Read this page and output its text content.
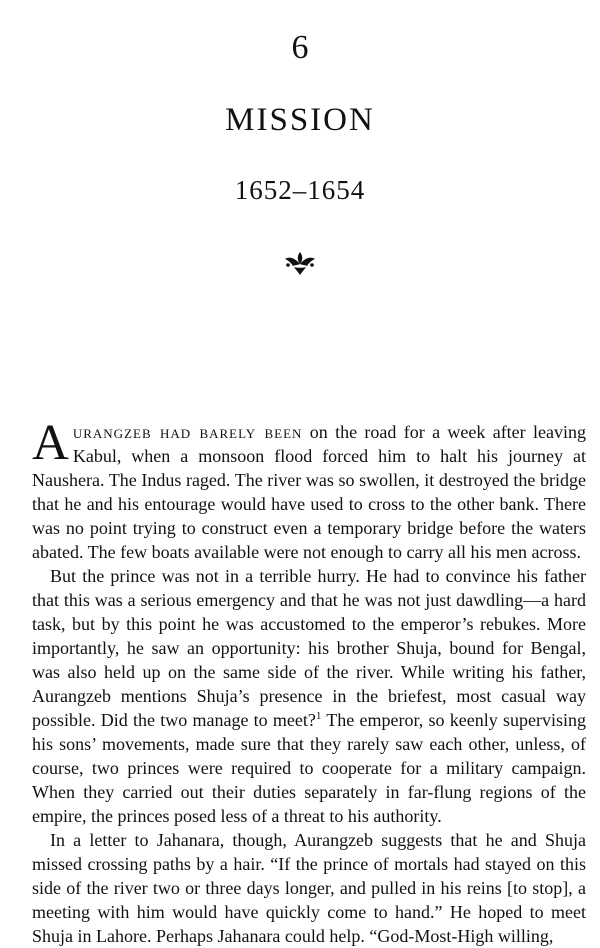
6
MISSION
1652–1654

Aurangzeb had barely been on the road for a week after leaving Kabul, when a monsoon flood forced him to halt his journey at Naushera. The Indus raged. The river was so swollen, it destroyed the bridge that he and his entourage would have used to cross to the other bank. There was no point trying to construct even a temporary bridge before the waters abated. The few boats available were not enough to carry all his men across.

But the prince was not in a terrible hurry. He had to convince his father that this was a serious emergency and that he was not just dawdling—a hard task, but by this point he was accustomed to the emperor’s rebukes. More importantly, he saw an opportunity: his brother Shuja, bound for Bengal, was also held up on the same side of the river. While writing his father, Aurangzeb mentions Shuja’s presence in the briefest, most casual way possible. Did the two manage to meet?$^1$ The emperor, so keenly supervising his sons’ movements, made sure that they rarely saw each other, unless, of course, two princes were required to cooperate for a military campaign. When they carried out their duties separately in far-flung regions of the empire, the princes posed less of a threat to his authority.

In a letter to Jahanara, though, Aurangzeb suggests that he and Shuja missed crossing paths by a hair. “If the prince of mortals had stayed on this side of the river two or three days longer, and pulled in his reins [to stop], a meeting with him would have quickly come to hand.” He hoped to meet Shuja in Lahore. Perhaps Jahanara could help. “God-Most-High willing,
